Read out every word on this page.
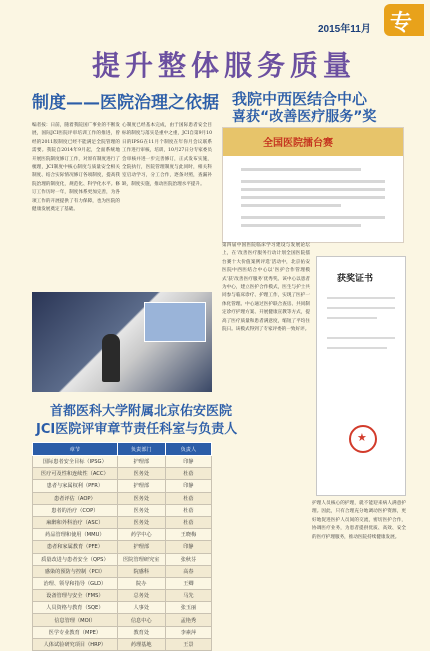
2015年11月 专
提升整体服务质量
制度——医院治理之依据
编者按：日前，随着我院国广事业的不断发展，国际JCI医院评审培训工作的推进，曾经的2011版制度已经不能满足全院管理的需要。我院自2014年9月起，全面系统地开展医院制度修订工作，对原有制度进行了梳理，JCI制度中核心制度与质量安全相关制度、结合实际情况修订各项制度，提高我院治理的制度化，规范化、科学化水平。修订工作历时一年，制度体系更加完善，为各项工作的开展提供了有力保障，也为医院的健康发展奠定了基础。
心制度已经基本完成，由于国际患者安全目标的制度与落实是重中之重，JCI自第9月10日的IPSG在11月个制度在年你月会议联系工作进行审核，培训，10月27日分专家委员会审核并进一步完善修订，正式发布实施，全院执行，医院管理制度与此同时，相关科室启动学习，分工合作，逐条对照，查漏补缺，制度实施，推动医院治理水平提升。
我院中西医结合中心
喜获“改善医疗服务”奖
全国医院擂台赛
首都医科大学附属北京佑安医院
JCI医院评审章节责任科室与负责人
章节	负责部门	负责人
国际患者安全目标（IPSG）	护理部	印静
医疗可及性和连续性（ACC）	医务处	杜蓓
患者与家属权利（PFR）	护理部	印静
患者评估（AOP）	医务处	杜蓓
患者的治疗（COP）	医务处	杜蓓
麻醉和外科治疗（ASC）	医务处	杜蓓
药品管理和使用（MMU）	药学中心	王晓梅
患者和家属教育（PFE）	护理部	印静
质量改进与患者安全（QPS）	医院管理研究室	张秋芬
感染的预防与控制（PCI）	院感科	高春
治理、领导和指导（GLD）	院办	王卿
设备管理与安全（FMS）	总务处	马先
人员资格与教育（SQE）	人事处	张玉丽
信息管理（MOI）	信息中心	孟艳秀
医学专业教育（MPE）	教育处	李素萍
人体试验研究项目（HRP）	药理基地	王景
第四届中国医院临床学习建设与发展论坛上，在‘改善医疗服务行动计划全国医院擂台赛十大价值案例评选’活动中，北京佑安医院中西医结合中心以‘医护合作管理模式’获‘改善医疗服务’优秀奖。该中心以患者为中心，建立医护合作模式，医生与护士共同参与临床诊疗、护理工作，实现了医护一体化管理。中心通过医护联合查房、共同制定诊疗护理方案、开展健康宣教等方式，提高了医疗质量和患者满意度，缩短了平均住院日。该模式得到了专家评委的一致好评。
获奖证书
★
护理人员核心的护理，就不能迎来病人满意护理。因此，只有合理充分地调动医护资源，更好地促进医护人员间的交流，密切医护合作，协调医疗业务，为患者提供优质、高效、安全的医疗护理服务，推动医院持续健康发展。
